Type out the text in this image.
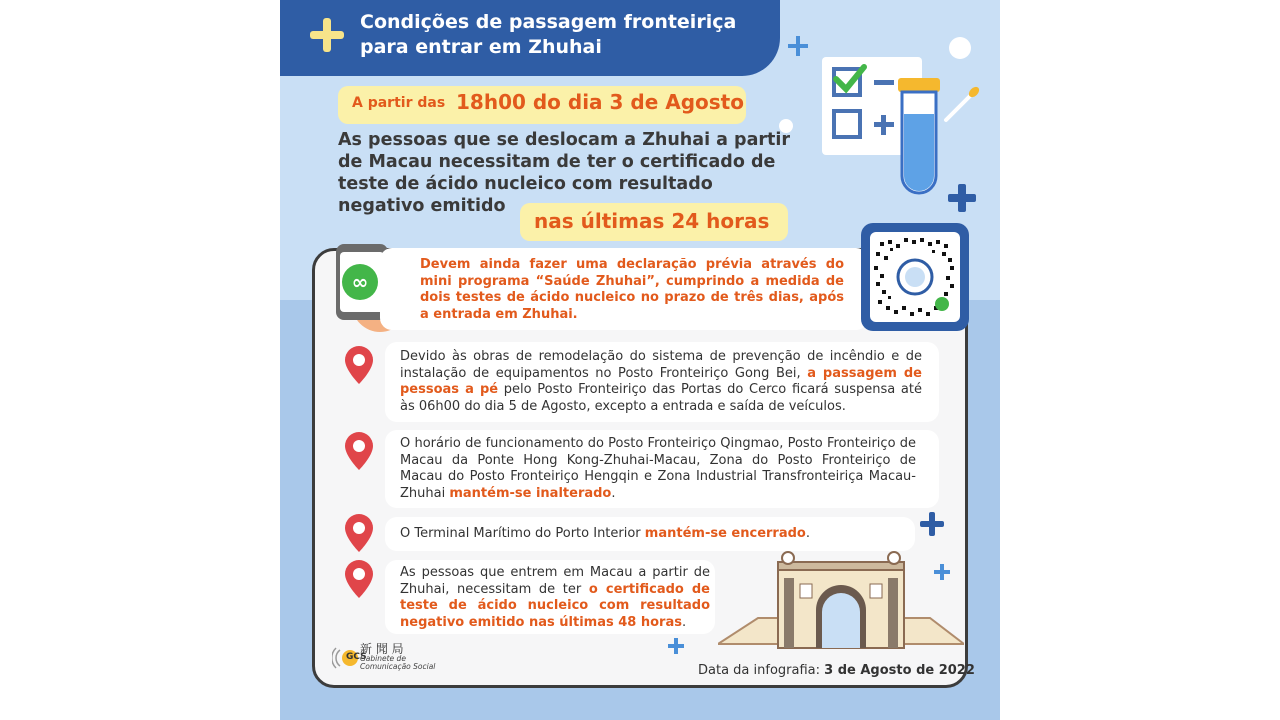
Condições de passagem fronteiriça
para entrar em Zhuhai
A partir das 18h00 do dia 3 de Agosto
As pessoas que se deslocam a Zhuhai a partir
de Macau necessitam de ter o certificado de
teste de ácido nucleico com resultado
negativo emitido
nas últimas 24 horas
∞
Devem ainda fazer uma declaração prévia através do mini programa “Saúde Zhuhai”, cumprindo a medida de dois testes de ácido nucleico no prazo de três dias, após a entrada em Zhuhai.
Devido às obras de remodelação do sistema de prevenção de incêndio e de instalação de equipamentos no Posto Fronteiriço Gong Bei, a passagem de pessoas a pé pelo Posto Fronteiriço das Portas do Cerco ficará suspensa até às 06h00 do dia 5 de Agosto, excepto a entrada e saída de veículos.
O horário de funcionamento do Posto Fronteiriço Qingmao, Posto Fronteiriço de Macau da Ponte Hong Kong-Zhuhai-Macau, Zona do Posto Fronteiriço de Macau do Posto Fronteiriço Hengqin e Zona Industrial Transfronteiriça Macau-Zhuhai mantém-se inalterado.
O Terminal Marítimo do Porto Interior mantém-se encerrado.
As pessoas que entrem em Macau a partir de Zhuhai, necessitam de ter o certificado de teste de ácido nucleico com resultado negativo emitido nas últimas 48 horas.
GCS
新 聞 局
Gabinete de
Comunicação Social	Data da infografia: 3 de Agosto de 2022
